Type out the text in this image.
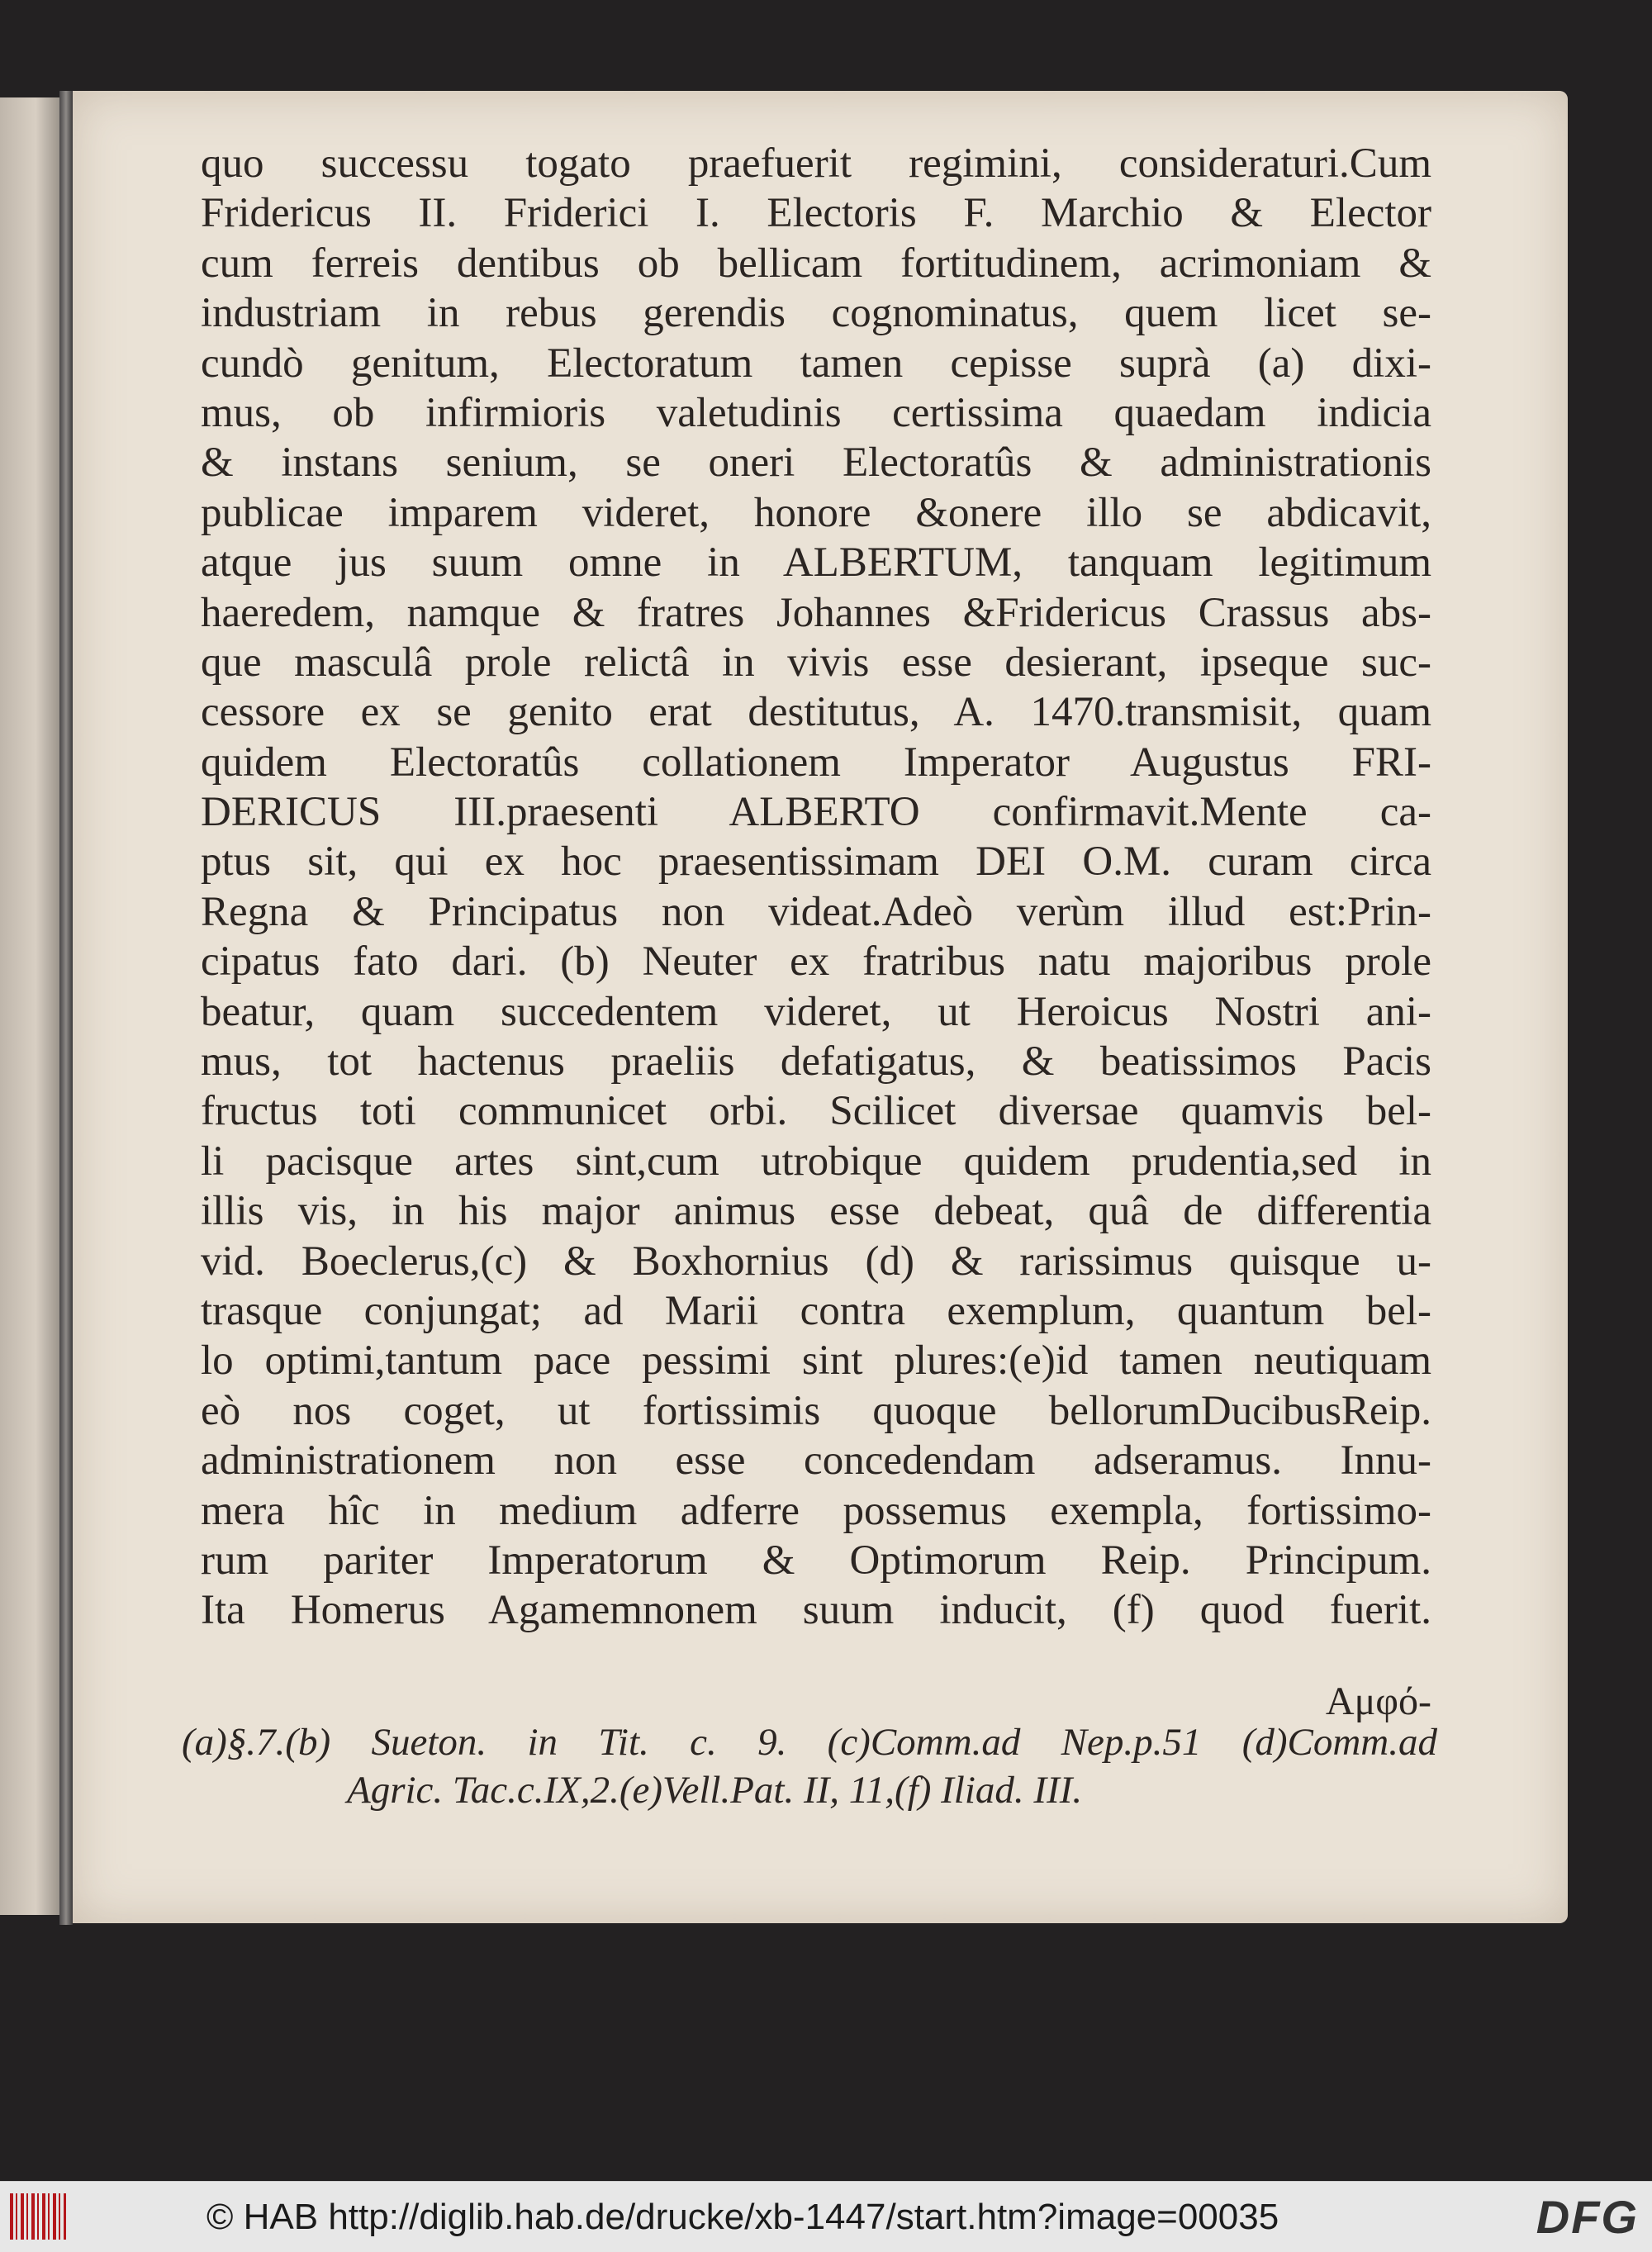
quo successu togato praefuerit regimini, consideraturi.Cum
Fridericus II. Friderici I. Electoris F. Marchio & Elector
cum ferreis dentibus ob bellicam fortitudinem, acrimoniam &
industriam in rebus gerendis cognominatus, quem licet se-
cundò genitum, Electoratum tamen cepisse suprà (a) dixi-
mus, ob infirmioris valetudinis certissima quaedam indicia
& instans senium, se oneri Electoratûs & administrationis
publicae imparem videret, honore &onere illo se abdicavit,
atque jus suum omne in ALBERTUM, tanquam legitimum
haeredem, namque & fratres Johannes &Fridericus Crassus abs-
que masculâ prole relictâ in vivis esse desierant, ipseque suc-
cessore ex se genito erat destitutus, A. 1470.transmisit, quam
quidem Electoratûs collationem Imperator Augustus FRI-
DERICUS III.praesenti ALBERTO confirmavit.Mente ca-
ptus sit, qui ex hoc praesentissimam DEI O.M. curam circa
Regna & Principatus non videat.Adeò verùm illud est:Prin-
cipatus fato dari. (b) Neuter ex fratribus natu majoribus prole
beatur, quam succedentem videret, ut Heroicus Nostri ani-
mus, tot hactenus praeliis defatigatus, & beatissimos Pacis
fructus toti communicet orbi. Scilicet diversae quamvis bel-
li pacisque artes sint,cum utrobique quidem prudentia,sed in
illis vis, in his major animus esse debeat, quâ de differentia
vid. Boeclerus,(c) & Boxhornius (d) & rarissimus quisque u-
trasque conjungat; ad Marii contra exemplum, quantum bel-
lo optimi,tantum pace pessimi sint plures:(e)id tamen neutiquam
eò nos coget, ut fortissimis quoque bellorumDucibusReip.
administrationem non esse concedendam adseramus. Innu-
mera hîc in medium adferre possemus exempla, fortissimo-
rum pariter Imperatorum & Optimorum Reip. Principum.
Ita Homerus Agamemnonem suum inducit, (f) quod fuerit.
Αμφό-
(a)§.7.(b) Sueton. in Tit. c. 9. (c)Comm.ad Nep.p.51 (d)Comm.ad
Agric. Tac.c.IX,2.(e)Vell.Pat. II, 11,(f) Iliad. III.
© HAB http://diglib.hab.de/drucke/xb-1447/start.htm?image=00035	DFG
